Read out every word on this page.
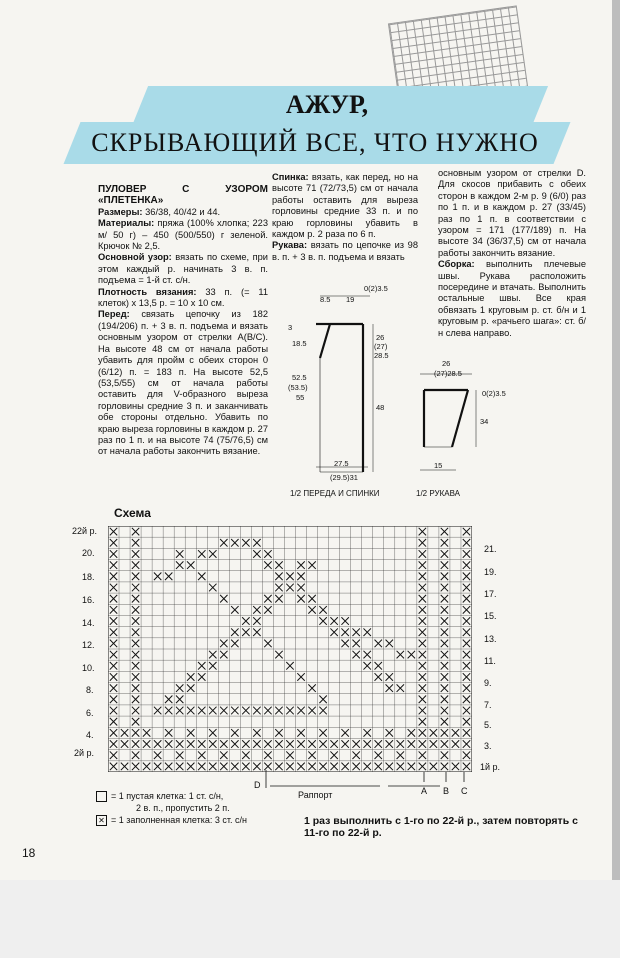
АЖУР,
СКРЫВАЮЩИЙ ВСЕ, ЧТО НУЖНО

ПУЛОВЕР С УЗОРОМ «ПЛЕТЕНКА»

Размеры: 36/38, 40/42 и 44.

Материалы: пряжа (100% хлопка; 223 м/ 50 г) – 450 (500/550) г зеленой. Крючок № 2,5.

Основной узор: вязать по схеме, при этом каждый р. начинать 3 в. п. подъема = 1-й ст. с/н.

Плотность вязания: 33 п. (= 11 клеток) x 13,5 р. = 10 x 10 см.

Перед: связать цепочку из 182 (194/206) п. + 3 в. п. подъема и вязать основным узором от стрелки A(B/C). На высоте 48 см от начала работы убавить для пройм с обеих сторон 0 (6/12) п. = 183 п. На высоте 52,5 (53,5/55) см от начала работы оставить для V-образного выреза горловины средние 3 п. и заканчивать обе стороны отдельно. Убавить по краю выреза горловины в каждом р. 27 раз по 1 п. и на высоте 74 (75/76,5) см от начала работы закончить вязание.

Спинка: вязать, как перед, но на высоте 71 (72/73,5) см от начала работы оставить для выреза горловины средние 33 п. и по краю горловины убавить в каждом р. 2 раза по 6 п.

Рукава: вязать по цепочке из 98 в. п. + 3 в. п. подъема и вязать

основным узором от стрелки D. Для скосов прибавить с обеих сторон в каждом 2-м р. 9 (6/0) раз по 1 п. и в каждом р. 27 (33/45) раз по 1 п. в соответствии с узором = 171 (177/189) п. На высоте 34 (36/37,5) см от начала работы закончить вязание.

Сборка: выполнить плечевые швы. Рукава расположить посередине и втачать. Выполнить остальные швы. Все края обвязать 1 круговым р. ст. б/н и 1 круговым р. «рачьего шага»: ст. б/н слева направо.

0(2)3.5
8.5 19
3
18.5
26
(27)
28.5
52.5
(53.5)
55
48
27.5
(29.5)31
1/2 ПЕРЕДА И СПИНКИ
26
(27)28.5
0(2)3.5
34
15
1/2 РУКАВА
Схема
22й р.
20.
18.
16.
14.
12.
10.
8.
6.
4.
2й р.
21.
19.
17.
15.
13.
11.
9.
7.
5.
3.
1й р.
D
Раппорт	A B C
= 1 пустая клетка: 1 ст. с/н,
2 в. п., пропустить 2 п.
✕ = 1 заполненная клетка: 3 ст. с/н	1 раз выполнить с 1-го по 22-й р., затем повторять с 11-го по 22-й р.
18
